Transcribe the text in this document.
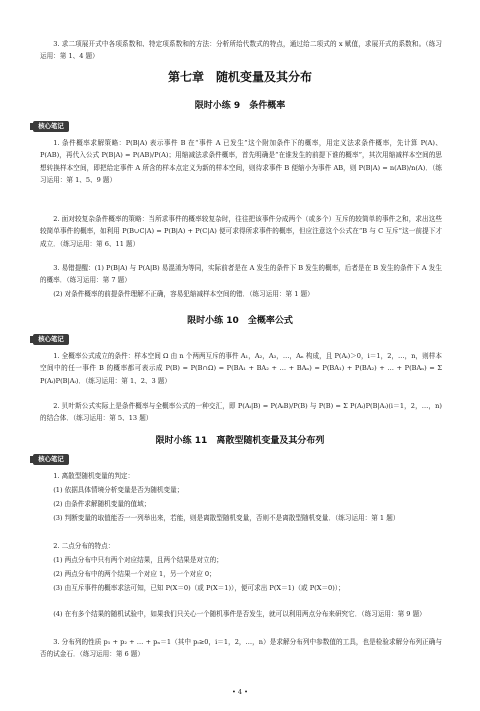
3. 求二项展开式中各项系数和、特定项系数和的方法：分析所给代数式的特点，通过给二项式的 x 赋值，求展开式的系数和。（练习运用：第 1、4 题）

第七章　随机变量及其分布
限时小练 9　条件概率
核心笔记

1. 条件概率求解策略：P(B|A) 表示事件 B 在“事件 A 已发生”这个附加条件下的概率，用定义法求条件概率，先计算 P(A)、P(AB)，再代入公式 P(B|A) = P(AB)/P(A)；用缩减法求条件概率，首先明确是“在谁发生的前提下谁的概率”，其次用缩减样本空间的思想转换样本空间，即把给定事件 A 所含的样本点定义为新的样本空间，则待求事件 B 便缩小为事件 AB，则 P(B|A) = n(AB)/n(A)．（练习运用：第 1、5、9 题）

2. 面对较复杂条件概率的策略：当所求事件的概率较复杂时，往往把该事件分成两个（或多个）互斥的较简单的事件之和，求出这些较简单事件的概率，如利用 P(B∪C|A) = P(B|A) + P(C|A) 便可求得所求事件的概率，但应注意这个公式在“B 与 C 互斥”这一前提下才成立．（练习运用：第 6、11 题）

3. 易错提醒：(1) P(B|A) 与 P(A|B) 易混淆为等同，实际前者是在 A 发生的条件下 B 发生的概率，后者是在 B 发生的条件下 A 发生的概率．（练习运用：第 7 题）

(2) 对条件概率的前提条件理解不正确，容易犯缩减样本空间的错．（练习运用：第 1 题）

限时小练 10　全概率公式
核心笔记

1. 全概率公式成立的条件：样本空间 Ω 由 n 个两两互斥的事件 A₁，A₂，A₃，…，Aₙ 构成，且 P(Aᵢ)＞0，i＝1，2，…，n，则样本空间中的任一事件 B 的概率都可表示成 P(B) = P(B∩Ω) = P(BA₁ + BA₂ + … + BAₙ) = P(BA₁) + P(BA₂) + … + P(BAₙ) = Σ P(Aᵢ)P(B|Aᵢ)．（练习运用：第 1、2、3 题）

2. 贝叶斯公式实际上是条件概率与全概率公式的一种交汇，即 P(Aᵢ|B) = P(AᵢB)/P(B) 与 P(B) = Σ P(Aᵢ)P(B|Aᵢ)(i＝1，2，…，n) 的结合体．（练习运用：第 5、13 题）

限时小练 11　离散型随机变量及其分布列
核心笔记

1. 离散型随机变量的判定：

(1) 依据具体情境分析变量是否为随机变量；

(2) 由条件求解随机变量的值域；

(3) 判断变量的取值能否一一列举出来，若能，则是离散型随机变量，否则不是离散型随机变量．（练习运用：第 1 题）

2. 二点分布的特点：

(1) 两点分布中只有两个对应结果，且两个结果是对立的；

(2) 两点分布中的两个结果一个对应 1，另一个对应 0；

(3) 由互斥事件的概率求法可知，已知 P(X＝0)（或 P(X＝1)），便可求出 P(X＝1)（或 P(X＝0)）；

(4) 在有多个结果的随机试验中，如果我们只关心一个随机事件是否发生，就可以利用两点分布来研究它．（练习运用：第 9 题）

3. 分布列的性质 p₁ + p₂ + … + pₙ＝1（其中 pᵢ≥0，i＝1，2，…，n）是求解分布列中参数值的工具，也是检验求解分布列正确与否的试金石．（练习运用：第 6 题）

• 4 •
